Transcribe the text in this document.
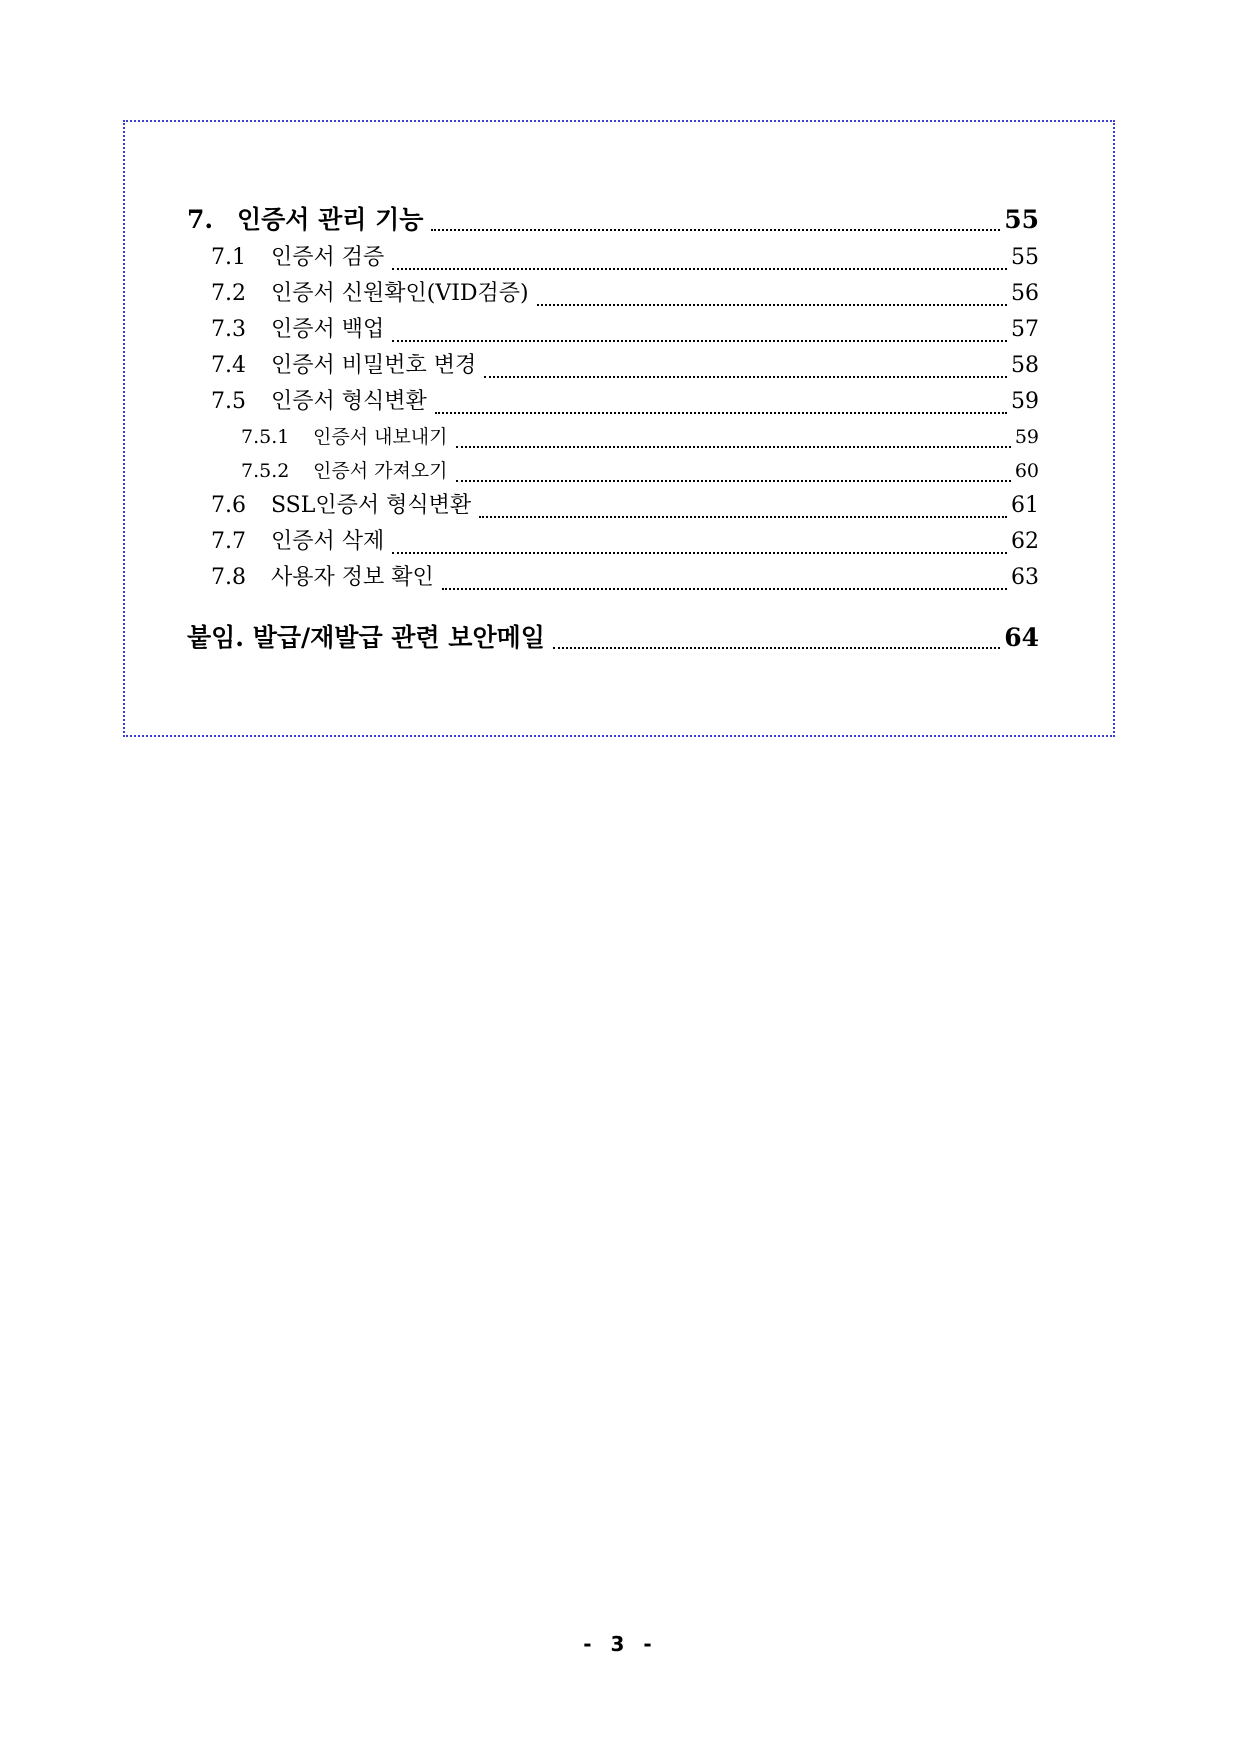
7. 인증서 관리 기능	55
7.1	인증서 검증	55
7.2	인증서 신원확인(VID검증)	56
7.3	인증서 백업	57
7.4	인증서 비밀번호 변경	58
7.5	인증서 형식변환	59
7.5.1	인증서 내보내기	59
7.5.2	인증서 가져오기	60
7.6	SSL인증서 형식변환	61
7.7	인증서 삭제	62
7.8	사용자 정보 확인	63
붙임. 발급/재발급 관련 보안메일	64
- 3 -
